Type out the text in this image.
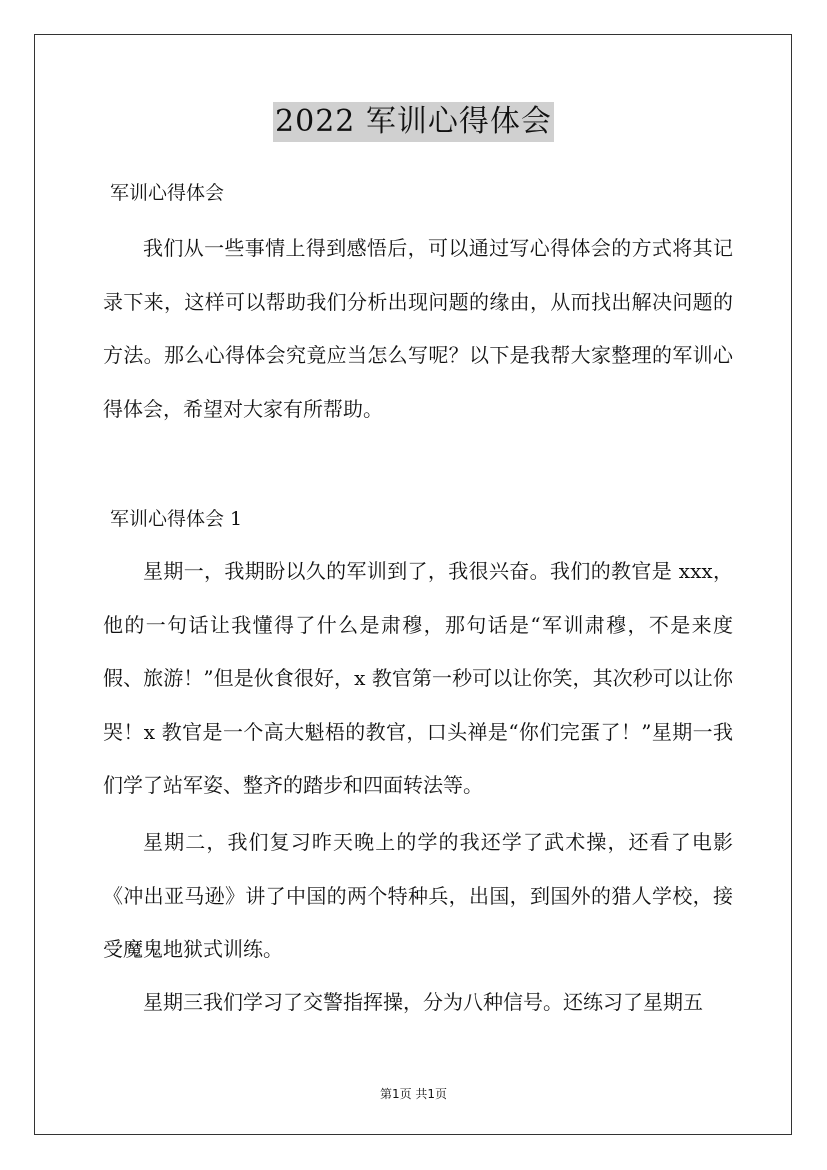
2022 军训心得体会
军训心得体会
我们从一些事情上得到感悟后，可以通过写心得体会的方式将其记录下来，这样可以帮助我们分析出现问题的缘由，从而找出解决问题的方法。那么心得体会究竟应当怎么写呢？以下是我帮大家整理的军训心得体会，希望对大家有所帮助。
军训心得体会 1
星期一，我期盼以久的军训到了，我很兴奋。我们的教官是 xxx，他的一句话让我懂得了什么是肃穆，那句话是“军训肃穆，不是来度假、旅游！”但是伙食很好，x 教官第一秒可以让你笑，其次秒可以让你哭！x 教官是一个高大魁梧的教官，口头禅是“你们完蛋了！”星期一我们学了站军姿、整齐的踏步和四面转法等。
星期二，我们复习昨天晚上的学的我还学了武术操，还看了电影《冲出亚马逊》讲了中国的两个特种兵，出国，到国外的猎人学校，接受魔鬼地狱式训练。
星期三我们学习了交警指挥操，分为八种信号。还练习了星期五
第1页 共1页
